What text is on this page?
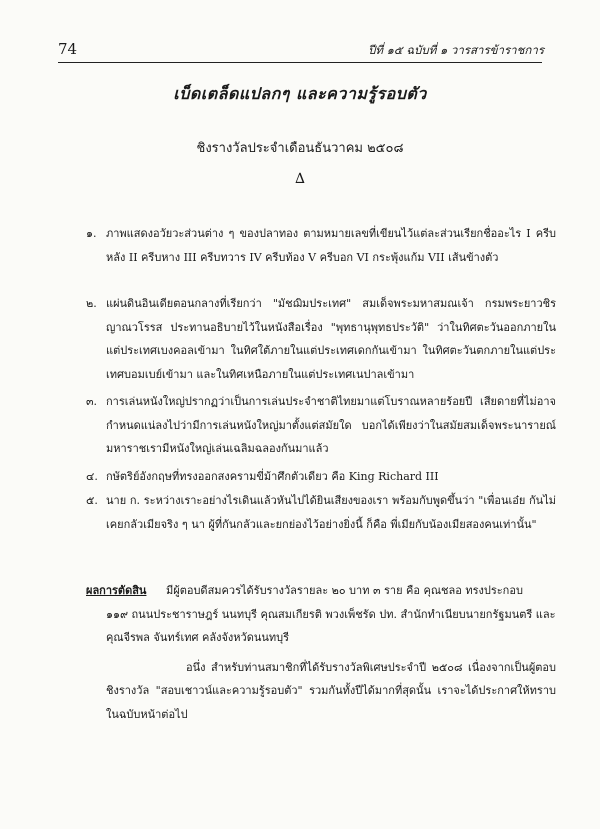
74	ปีที่ ๑๕ ฉบับที่ ๑ วารสารข้าราชการ
เบ็ดเตล็ดแปลกๆ และความรู้รอบตัว
ชิงรางวัลประจำเดือนธันวาคม ๒๕๐๘
∆
๑. ภาพแสดงอวัยวะส่วนต่าง ๆ ของปลาทอง ตามหมายเลขที่เขียนไว้แต่ละส่วนเรียกชื่ออะไร I ครีบหลัง II ครีบหาง III ครีบทวาร IV ครีบท้อง V ครีบอก VI กระพุ้งแก้ม VII เส้นข้างตัว
๒. แผ่นดินอินเดียตอนกลางที่เรียกว่า "มัชฌิมประเทศ" สมเด็จพระมหาสมณเจ้า กรมพระยาวชิรญาณวโรรส ประทานอธิบายไว้ในหนังสือเรื่อง "พุทธานุพุทธประวัติ" ว่าในทิศตะวันออกภายในแต่ประเทศเบงคอลเข้ามา ในทิศใต้ภายในแต่ประเทศเดกกันเข้ามา ในทิศตะวันตกภายในแต่ประเทศบอมเบย์เข้ามา และในทิศเหนือภายในแต่ประเทศเนปาลเข้ามา
๓. การเล่นหนังใหญ่ปรากฏว่าเป็นการเล่นประจำชาติไทยมาแต่โบราณหลายร้อยปี เสียดายที่ไม่อาจกำหนดแน่ลงไปว่ามีการเล่นหนังใหญ่มาตั้งแต่สมัยใด บอกได้เพียงว่าในสมัยสมเด็จพระนารายณ์มหาราชเรามีหนังใหญ่เล่นเฉลิมฉลองกันมาแล้ว
๔. กษัตริย์อังกฤษที่ทรงออกสงครามขี่ม้าศึกตัวเดียว คือ King Richard III
๕. นาย ก. ระหว่างเราะอย่างไรเดินแล้วหันไปได้ยินเสียงของเรา พร้อมกับพูดขึ้นว่า "เพื่อนเอ๋ย กันไม่เคยกลัวเมียจริง ๆ นา ผู้ที่กันกลัวและยกย่องไว้อย่างยิ่งนี้ ก็คือ พี่เมียกับน้องเมียสองคนเท่านั้น"
ผลการตัดสิน มีผู้ตอบดีสมควรได้รับรางวัลรายละ ๒๐ บาท ๓ ราย คือ คุณชลอ ทรงประกอบ
๑๑๙ ถนนประชาราษฎร์ นนทบุรี คุณสมเกียรติ พวงเพ็ชรัด ปท. สำนักทำเนียบนายกรัฐมนตรี และ คุณจีรพล จันทร์เทศ คลังจังหวัดนนทบุรี
อนึ่ง สำหรับท่านสมาชิกที่ได้รับรางวัลพิเศษประจำปี ๒๕๐๘ เนื่องจากเป็นผู้ตอบชิงรางวัล "สอบเชาวน์และความรู้รอบตัว" รวมกันทั้งปีได้มากที่สุดนั้น เราจะได้ประกาศให้ทราบในฉบับหน้าต่อไป
